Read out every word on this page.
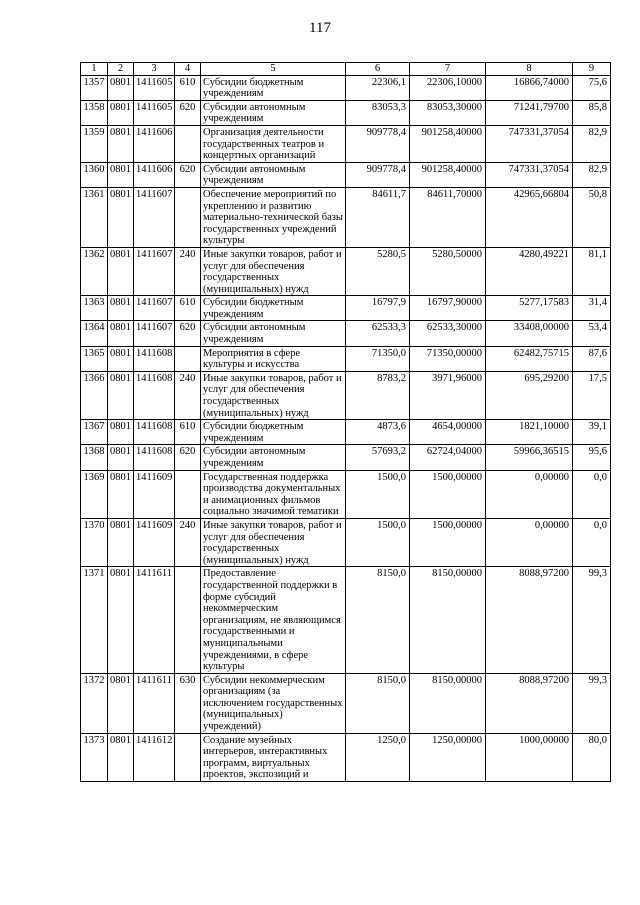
117
1	2	3	4	5	6	7	8	9
1357	0801	1411605	610	Субсидии бюджетным учреждениям	22306,1	22306,10000	16866,74000	75,6
1358	0801	1411605	620	Субсидии автономным учреждениям	83053,3	83053,30000	71241,79700	85,8
1359	0801	1411606		Организация деятельности государственных театров и концертных организаций	909778,4	901258,40000	747331,37054	82,9
1360	0801	1411606	620	Субсидии автономным учреждениям	909778,4	901258,40000	747331,37054	82,9
1361	0801	1411607		Обеспечение мероприятий по укреплению и развитию материально-технической базы государственных учреждений культуры	84611,7	84611,70000	42965,66804	50,8
1362	0801	1411607	240	Иные закупки товаров, работ и услуг для обеспечения государственных (муниципальных) нужд	5280,5	5280,50000	4280,49221	81,1
1363	0801	1411607	610	Субсидии бюджетным учреждениям	16797,9	16797,90000	5277,17583	31,4
1364	0801	1411607	620	Субсидии автономным учреждениям	62533,3	62533,30000	33408,00000	53,4
1365	0801	1411608		Мероприятия в сфере культуры и искусства	71350,0	71350,00000	62482,75715	87,6
1366	0801	1411608	240	Иные закупки товаров, работ и услуг для обеспечения государственных (муниципальных) нужд	8783,2	3971,96000	695,29200	17,5
1367	0801	1411608	610	Субсидии бюджетным учреждениям	4873,6	4654,00000	1821,10000	39,1
1368	0801	1411608	620	Субсидии автономным учреждениям	57693,2	62724,04000	59966,36515	95,6
1369	0801	1411609		Государственная поддержка производства документальных и анимационных фильмов социально значимой тематики	1500,0	1500,00000	0,00000	0,0
1370	0801	1411609	240	Иные закупки товаров, работ и услуг для обеспечения государственных (муниципальных) нужд	1500,0	1500,00000	0,00000	0,0
1371	0801	1411611		Предоставление государственной поддержки в форме субсидий некоммерческим организациям, не являющимся государственными и муниципальными учреждениями, в сфере культуры	8150,0	8150,00000	8088,97200	99,3
1372	0801	1411611	630	Субсидии некоммерческим организациям (за исключением государственных (муниципальных) учреждений)	8150,0	8150,00000	8088,97200	99,3
1373	0801	1411612		Создание музейных интерьеров, интерактивных программ, виртуальных проектов, экспозиций и	1250,0	1250,00000	1000,00000	80,0
